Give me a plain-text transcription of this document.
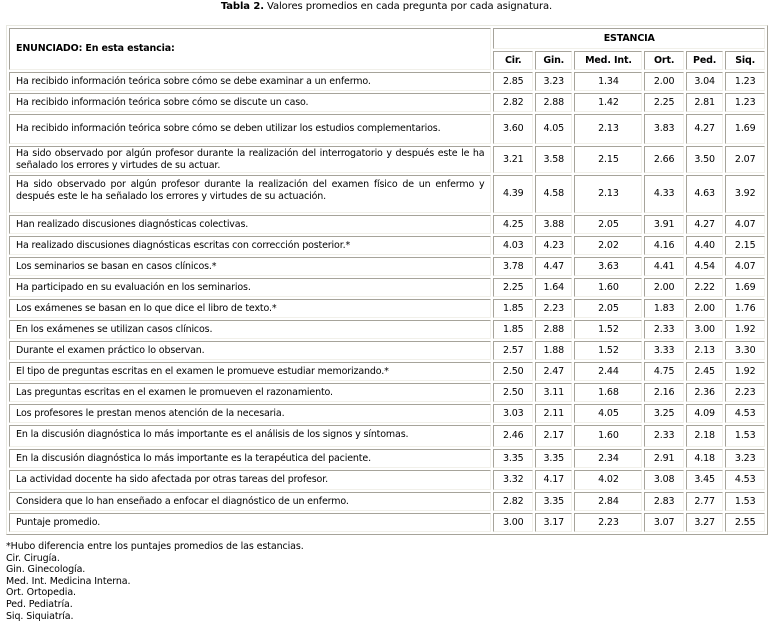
Tabla 2. Valores promedios en cada pregunta por cada asignatura.
ENUNCIADO: En esta estancia:	ESTANCIA					
	Cir.	Gin.	Med. Int.	Ort.	Ped.	Siq.
Ha recibido información teórica sobre cómo se debe examinar a un enfermo.	2.85	3.23	1.34	2.00	3.04	1.23
Ha recibido información teórica sobre cómo se discute un caso.	2.82	2.88	1.42	2.25	2.81	1.23
Ha recibido información teórica sobre cómo se deben utilizar los estudios complementarios.	3.60	4.05	2.13	3.83	4.27	1.69
Ha sido observado por algún profesor durante la realización del interrogatorio y después este le ha señalado los errores y virtudes de su actuar.	3.21	3.58	2.15	2.66	3.50	2.07
Ha sido observado por algún profesor durante la realización del examen físico de un enfermo y después este le ha señalado los errores y virtudes de su actuación.	4.39	4.58	2.13	4.33	4.63	3.92
Han realizado discusiones diagnósticas colectivas.	4.25	3.88	2.05	3.91	4.27	4.07
Ha realizado discusiones diagnósticas escritas con corrección posterior.*	4.03	4.23	2.02	4.16	4.40	2.15
Los seminarios se basan en casos clínicos.*	3.78	4.47	3.63	4.41	4.54	4.07
Ha participado en su evaluación en los seminarios.	2.25	1.64	1.60	2.00	2.22	1.69
Los exámenes se basan en lo que dice el libro de texto.*	1.85	2.23	2.05	1.83	2.00	1.76
En los exámenes se utilizan casos clínicos.	1.85	2.88	1.52	2.33	3.00	1.92
Durante el examen práctico lo observan.	2.57	1.88	1.52	3.33	2.13	3.30
El tipo de preguntas escritas en el examen le promueve estudiar memorizando.*	2.50	2.47	2.44	4.75	2.45	1.92
Las preguntas escritas en el examen le promueven el razonamiento.	2.50	3.11	1.68	2.16	2.36	2.23
Los profesores le prestan menos atención de la necesaria.	3.03	2.11	4.05	3.25	4.09	4.53
En la discusión diagnóstica lo más importante es el análisis de los signos y síntomas.	2.46	2.17	1.60	2.33	2.18	1.53
En la discusión diagnóstica lo más importante es la terapéutica del paciente.	3.35	3.35	2.34	2.91	4.18	3.23
La actividad docente ha sido afectada por otras tareas del profesor.	3.32	4.17	4.02	3.08	3.45	4.53
Considera que lo han enseñado a enfocar el diagnóstico de un enfermo.	2.82	3.35	2.84	2.83	2.77	1.53
Puntaje promedio.	3.00	3.17	2.23	3.07	3.27	2.55
*Hubo diferencia entre los puntajes promedios de las estancias.
Cir. Cirugía.
Gin. Ginecología.
Med. Int. Medicina Interna.
Ort. Ortopedia.
Ped. Pediatría.
Siq. Siquiatría.
